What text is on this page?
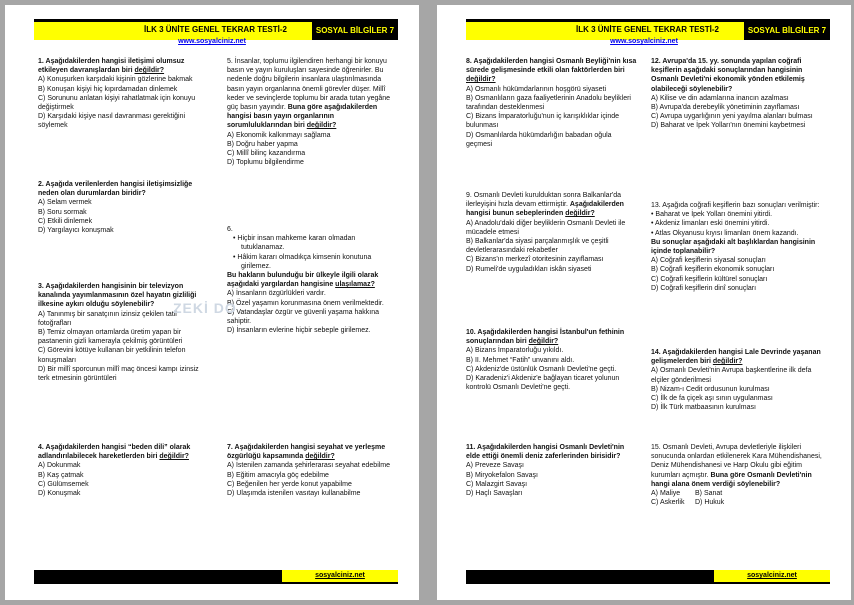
İLK 3 ÜNİTE GENEL TEKRAR TESTİ-2	SOSYAL BİLGİLER 7
www.sosyalciniz.net
1. Aşağıdakilerden hangisi iletişimi olumsuz etkileyen davranışlardan biri değildir?
A) Konuşurken karşıdaki kişinin gözlerine bakmak
B) Konuşan kişiyi hiç kıpırdamadan dinlemek
C) Sorununu anlatan kişiyi rahatlatmak için konuyu değiştirmek
D) Karşıdaki kişiye nasıl davranması gerektiğini söylemek
2. Aşağıda verilenlerden hangisi iletişimsizliğe neden olan durumlardan biridir?
A) Selam vermek
B) Soru sormak
C) Etkili dinlemek
D) Yargılayıcı konuşmak
3. Aşağıdakilerden hangisinin bir televizyon kanalında yayımlanmasının özel hayatın gizliliği ilkesine aykırı olduğu söylenebilir?
A) Tanınmış bir sanatçının izinsiz çekilen tatil fotoğrafları
B) Temiz olmayan ortamlarda üretim yapan bir pastanenin gizli kamerayla çekilmiş görüntüleri
C) Görevini kötüye kullanan bir yetkilinin telefon konuşmaları
D) Bir millî sporcunun millî maç öncesi kampı izinsiz terk etmesinin görüntüleri
4. Aşağıdakilerden hangisi “beden dili” olarak adlandırılabilecek hareketlerden biri değildir?
A) Dokunmak
B) Kaş çatmak
C) Gülümsemek
D) Konuşmak
5. İnsanlar, toplumu ilgilendiren herhangi bir konuyu basın ve yayın kuruluşları sayesinde öğrenirler. Bu nedenle doğru bilgilerin insanlara ulaştırılmasında basın yayın organlarına önemli görevler düşer. Millî keder ve sevinçlerde toplumu bir arada tutan yegâne güç basın yayındır. Buna göre aşağıdakilerden hangisi basın yayın organlarının sorumluluklarından biri değildir?
A) Ekonomik kalkınmayı sağlama
B) Doğru haber yapma
C) Millî bilinç kazandırma
D) Toplumu bilgilendirme
6.
• Hiçbir insan mahkeme kararı olmadan tutuklanamaz.
• Hâkim kararı olmadıkça kimsenin konutuna girilemez.
Bu hakların bulunduğu bir ülkeyle ilgili olarak aşağıdaki yargılardan hangisine ulaşılamaz?
A) İnsanların özgürlükleri vardır.
B) Özel yaşamın korunmasına önem verilmektedir.
C) Vatandaşlar özgür ve güvenli yaşama hakkına sahiptir.
D) İnsanların evlerine hiçbir sebeple girilemez.
7. Aşağıdakilerden hangisi seyahat ve yerleşme özgürlüğü kapsamında değildir?
A) İstenilen zamanda şehirlerarası seyahat edebilme
B) Eğitim amacıyla göç edebilme
C) Beğenilen her yerde konut yapabilme
D) Ulaşımda istenilen vasıtayı kullanabilme
ZEKİ DO
sosyalciniz.net
İLK 3 ÜNİTE GENEL TEKRAR TESTİ-2	SOSYAL BİLGİLER 7
www.sosyalciniz.net
8. Aşağıdakilerden hangisi Osmanlı Beyliği'nin kısa sürede gelişmesinde etkili olan faktörlerden biri değildir?
A) Osmanlı hükümdarlarının hoşgörü siyaseti
B) Osmanlıların gaza faaliyetlerinin Anadolu beylikleri tarafından desteklenmesi
C) Bizans İmparatorluğu'nun iç karışıklıklar içinde bulunması
D) Osmanlılarda hükümdarlığın babadan oğula geçmesi
9. Osmanlı Devleti kurulduktan sonra Balkanlar'da ilerleyişini hızla devam ettirmiştir. Aşağıdakilerden hangisi bunun sebeplerinden değildir?
A) Anadolu'daki diğer beyliklerin Osmanlı Devleti ile mücadele etmesi
B) Balkanlar'da siyasi parçalanmışlık ve çeşitli devletlerarasındaki rekabetler
C) Bizans'ın merkezî otoritesinin zayıflaması
D) Rumeli'de uyguladıkları iskân siyaseti
10. Aşağıdakilerden hangisi İstanbul'un fethinin sonuçlarından biri değildir?
A) Bizans İmparatorluğu yıkıldı.
B) II. Mehmet “Fatih” unvanını aldı.
C) Akdeniz'de üstünlük Osmanlı Devleti'ne geçti.
D) Karadeniz'i Akdeniz'e bağlayan ticaret yolunun kontrolü Osmanlı Devleti'ne geçti.
11. Aşağıdakilerden hangisi Osmanlı Devleti'nin elde ettiği önemli deniz zaferlerinden birisidir?
A) Preveze Savaşı
B) Miryokefalon Savaşı
C) Malazgirt Savaşı
D) Haçlı Savaşları
12. Avrupa'da 15. yy. sonunda yapılan coğrafi keşiflerin aşağıdaki sonuçlarından hangisinin Osmanlı Devleti'ni ekonomik yönden etkilemiş olabileceği söylenebilir?
A) Kilise ve din adamlarına inancın azalması
B) Avrupa'da derebeylik yönetiminin zayıflaması
C) Avrupa uygarlığının yeni yayılma alanları bulması
D) Baharat ve İpek Yolları'nın önemini kaybetmesi
13. Aşağıda coğrafi keşiflerin bazı sonuçları verilmiştir:
• Baharat ve İpek Yolları önemini yitirdi.
• Akdeniz limanları eski önemini yitirdi.
• Atlas Okyanusu kıyısı limanları önem kazandı.
Bu sonuçlar aşağıdaki alt başlıklardan hangisinin içinde toplanabilir?
A) Coğrafi keşiflerin siyasal sonuçları
B) Coğrafi keşiflerin ekonomik sonuçları
C) Coğrafi keşiflerin kültürel sonuçları
D) Coğrafi keşiflerin dinî sonuçları
14. Aşağıdakilerden hangisi Lale Devrinde yaşanan gelişmelerden biri değildir?
A) Osmanlı Devleti'nin Avrupa başkentlerine ilk defa elçiler gönderilmesi
B) Nizam-ı Cedit ordusunun kurulması
C) İlk de fa çiçek aşı sının uygulanması
D) İlk Türk matbaasının kurulması
15. Osmanlı Devleti, Avrupa devletleriyle ilişkileri sonucunda onlardan etkilenerek Kara Mühendishanesi, Deniz Mühendishanesi ve Harp Okulu gibi eğitim kurumları açmıştır. Buna göre Osmanlı Devleti'nin hangi alana önem verdiği söylenebilir?
A) Maliye B) Sanat
C) Askerlik D) Hukuk
sosyalciniz.net
